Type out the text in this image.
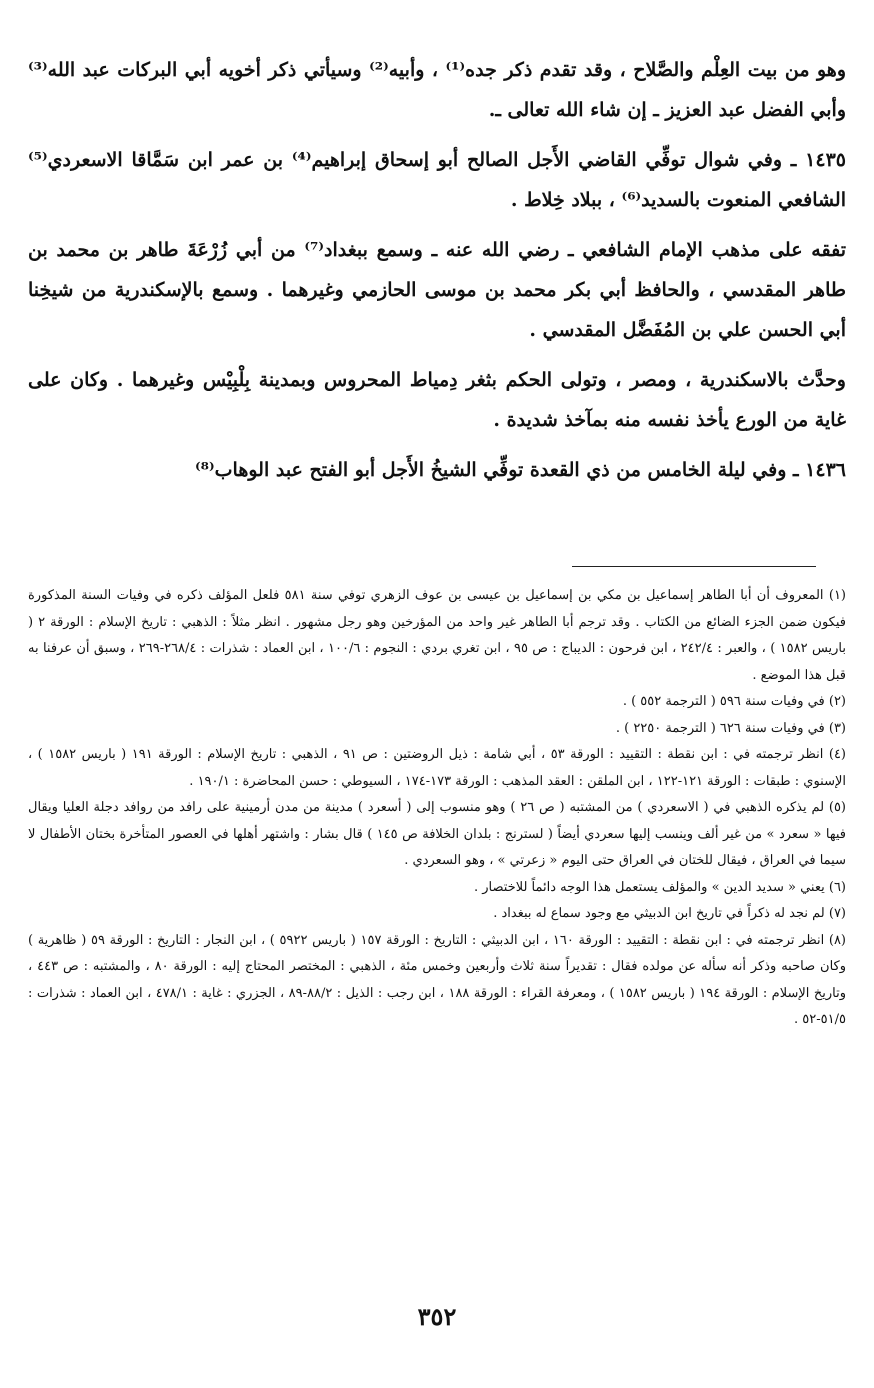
وهو من بيت العِلْم والصَّلاح ، وقد تقدم ذكر جده⁽¹⁾ ، وأبيه⁽²⁾ وسيأتي ذكر أخويه أبي البركات عبد الله⁽³⁾ وأبي الفضل عبد العزيز ـ إن شاء الله تعالى ـ.

١٤٣٥ ـ وفي شوال توفِّي القاضي الأَجل الصالح أبو إسحاق إبراهيم⁽⁴⁾ بن عمر ابن سَمَّاقا الاسعردي⁽⁵⁾ الشافعي المنعوت بالسديد⁽⁶⁾ ، ببلاد خِلاط .

تفقه على مذهب الإمام الشافعي ـ رضي الله عنه ـ وسمع ببغداد⁽⁷⁾ من أبي زُرْعَةَ طاهر بن محمد بن طاهر المقدسي ، والحافظ أبي بكر محمد بن موسى الحازمي وغيرهما . وسمع بالإسكندرية من شيخِنا أبي الحسن علي بن المُفَضَّل المقدسي .

وحدَّث بالاسكندرية ، ومصر ، وتولى الحكم بثغر دِمياط المحروس وبمدينة بِلْبِيْس وغيرهما . وكان على غاية من الورع يأخذ نفسه منه بمآخذ شديدة .

١٤٣٦ ـ وفي ليلة الخامس من ذي القعدة توفِّي الشيخُ الأَجل أبو الفتح عبد الوهاب⁽⁸⁾

(١) المعروف أن أبا الطاهر إسماعيل بن مكي بن إسماعيل بن عيسى بن عوف الزهري توفي سنة ٥٨١ فلعل المؤلف ذكره في وفيات السنة المذكورة فيكون ضمن الجزء الضائع من الكتاب . وقد ترجم أبا الطاهر غير واحد من المؤرخين وهو رجل مشهور . انظر مثلاً : الذهبي : تاريخ الإسلام : الورقة ٢ ( باريس ١٥٨٢ ) ، والعبر : ٢٤٢/٤ ، ابن فرحون : الديباج : ص ٩٥ ، ابن تغري بردي : النجوم : ١٠٠/٦ ، ابن العماد : شذرات : ٢٦٨/٤-٢٦٩ ، وسبق أن عرفنا به قبل هذا الموضع .

(٢) في وفيات سنة ٥٩٦ ( الترجمة ٥٥٢ ) .

(٣) في وفيات سنة ٦٢٦ ( الترجمة ٢٢٥٠ ) .

(٤) انظر ترجمته في : ابن نقطة : التقييد : الورقة ٥٣ ، أبي شامة : ذيل الروضتين : ص ٩١ ، الذهبي : تاريخ الإسلام : الورقة ١٩١ ( باريس ١٥٨٢ ) ، الإسنوي : طبقات : الورقة ١٢١-١٢٢ ، ابن الملقن : العقد المذهب : الورقة ١٧٣-١٧٤ ، السيوطي : حسن المحاضرة : ١٩٠/١ .

(٥) لم يذكره الذهبي في ( الاسعردي ) من المشتبه ( ص ٢٦ ) وهو منسوب إلى ( أسعرد ) مدينة من مدن أرمينية على رافد من روافد دجلة العليا ويقال فيها « سعرد » من غير ألف وينسب إليها سعردي أيضاً ( لسترنج : بلدان الخلافة ص ١٤٥ ) قال بشار : واشتهر أهلها في العصور المتأخرة بختان الأطفال لا سيما في العراق ، فيقال للختان في العراق حتى اليوم « زعرتي » ، وهو السعردي .

(٦) يعني « سديد الدين » والمؤلف يستعمل هذا الوجه دائماً للاختصار .

(٧) لم نجد له ذكراً في تاريخ ابن الدبيثي مع وجود سماع له ببغداد .

(٨) انظر ترجمته في : ابن نقطة : التقييد : الورقة ١٦٠ ، ابن الدبيثي : التاريخ : الورقة ١٥٧ ( باريس ٥٩٢٢ ) ، ابن النجار : التاريخ : الورقة ٥٩ ( ظاهرية ) وكان صاحبه وذكر أنه سأله عن مولده فقال : تقديراً سنة ثلاث وأربعين وخمس مئة ، الذهبي : المختصر المحتاج إليه : الورقة ٨٠ ، والمشتبه : ص ٤٤٣ ، وتاريخ الإسلام : الورقة ١٩٤ ( باريس ١٥٨٢ ) ، ومعرفة القراء : الورقة ١٨٨ ، ابن رجب : الذيل : ٨٨/٢-٨٩ ، الجزري : غاية : ٤٧٨/١ ، ابن العماد : شذرات : ٥١/٥-٥٢ .

٣٥٢
